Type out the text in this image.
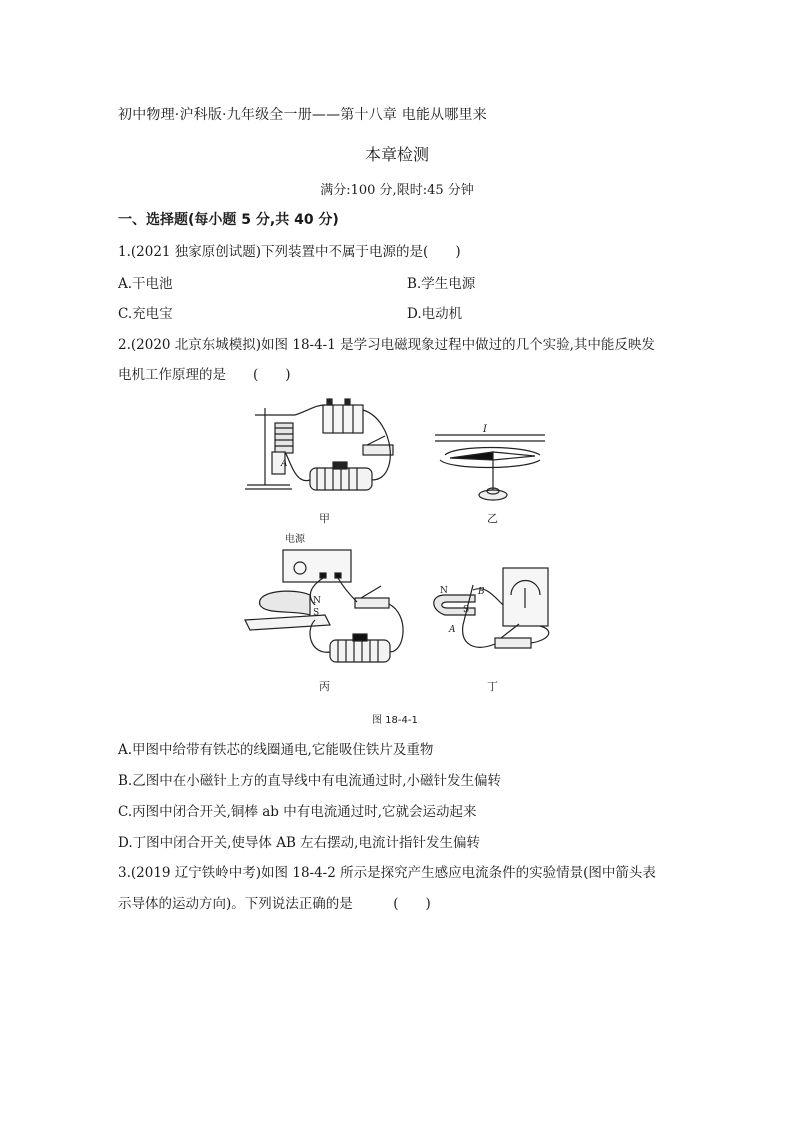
初中物理·沪科版·九年级全一册——第十八章 电能从哪里来
本章检测
满分:100 分,限时:45 分钟
一、选择题(每小题 5 分,共 40 分)
1.(2021 独家原创试题)下列装置中不属于电源的是(　　)
A.干电池	B.学生电源
C.充电宝	D.电动机
2.(2020 北京东城模拟)如图 18-4-1 是学习电磁现象过程中做过的几个实验,其中能反映发
电机工作原理的是　　(　　)
甲
A
I
乙
电源
N
S
丙
N
S
A
B
丁
图 18-4-1
A.甲图中给带有铁芯的线圈通电,它能吸住铁片及重物
B.乙图中在小磁针上方的直导线中有电流通过时,小磁针发生偏转
C.丙图中闭合开关,铜棒 ab 中有电流通过时,它就会运动起来
D.丁图中闭合开关,使导体 AB 左右摆动,电流计指针发生偏转
3.(2019 辽宁铁岭中考)如图 18-4-2 所示是探究产生感应电流条件的实验情景(图中箭头表
示导体的运动方向)。下列说法正确的是　　　(　　)
